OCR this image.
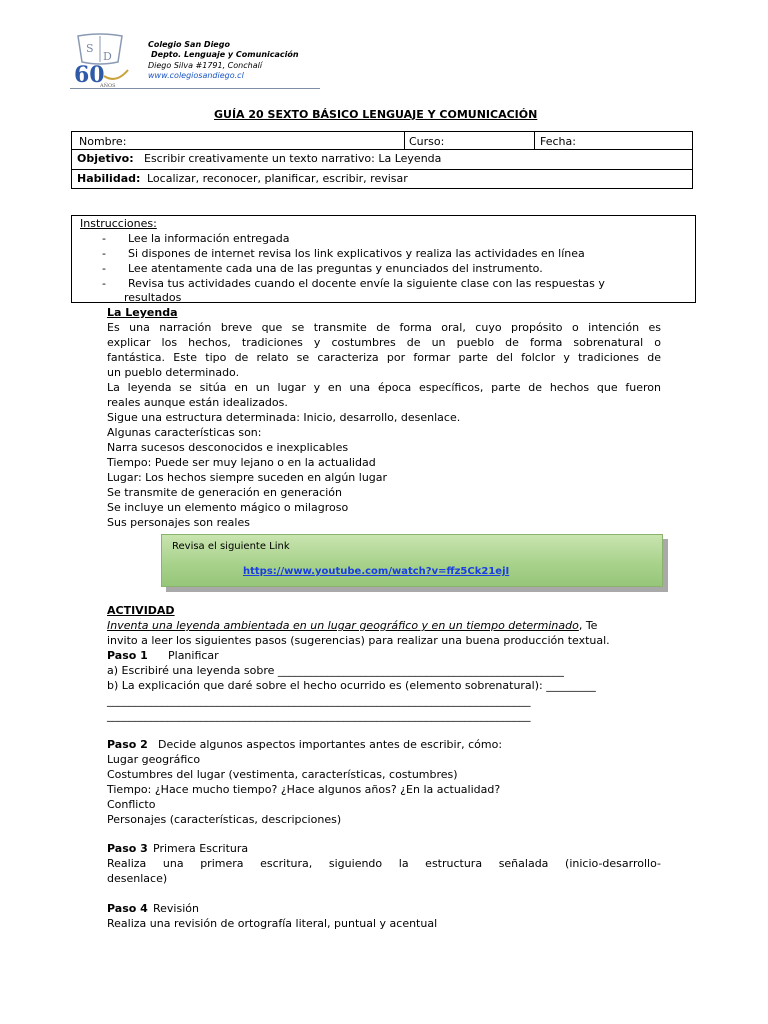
S
D
60
AÑOS
Colegio San Diego
Depto. Lenguaje y Comunicación
Diego Silva #1791, Conchalí
www.colegiosandiego.cl
GUÍA 20 SEXTO BÁSICO LENGUAJE Y COMUNICACIÓN
Nombre:	Curso:	Fecha:
Objetivo: Escribir creativamente un texto narrativo: La Leyenda
Habilidad: Localizar, reconocer, planificar, escribir, revisar
Instrucciones:
- Lee la información entregada
- Si dispones de internet revisa los link explicativos y realiza las actividades en línea
- Lee atentamente cada una de las preguntas y enunciados del instrumento.
- Revisa tus actividades cuando el docente envíe la siguiente clase con las respuestas y
resultados
La Leyenda
Es una narración breve que se transmite de forma oral, cuyo propósito o intención es
explicar los hechos, tradiciones y costumbres de un pueblo de forma sobrenatural o
fantástica. Este tipo de relato se caracteriza por formar parte del folclor y tradiciones de
un pueblo determinado.
La leyenda se sitúa en un lugar y en una época específicos, parte de hechos que fueron
reales aunque están idealizados.
Sigue una estructura determinada: Inicio, desarrollo, desenlace.
Algunas características son:
Narra sucesos desconocidos e inexplicables
Tiempo: Puede ser muy lejano o en la actualidad
Lugar: Los hechos siempre suceden en algún lugar
Se transmite de generación en generación
Se incluye un elemento mágico o milagroso
Sus personajes son reales
Revisa el siguiente Link
https://www.youtube.com/watch?v=ffz5Ck21ejI
ACTIVIDAD
Inventa una leyenda ambientada en un lugar geográfico y en un tiempo determinado, Te
invito a leer los siguientes pasos (sugerencias) para realizar una buena producción textual.
Paso 1 Planificar
a) Escribiré una leyenda sobre ____________________________________________________
b) La explicación que daré sobre el hecho ocurrido es (elemento sobrenatural): _________
_____________________________________________________________________________
_____________________________________________________________________________
Paso 2 Decide algunos aspectos importantes antes de escribir, cómo:
Lugar geográfico
Costumbres del lugar (vestimenta, características, costumbres)
Tiempo: ¿Hace mucho tiempo? ¿Hace algunos años? ¿En la actualidad?
Conflicto
Personajes (características, descripciones)
Paso 3 Primera Escritura
Realiza una primera escritura, siguiendo la estructura señalada (inicio-desarrollo-
desenlace)
Paso 4 Revisión
Realiza una revisión de ortografía literal, puntual y acentual
